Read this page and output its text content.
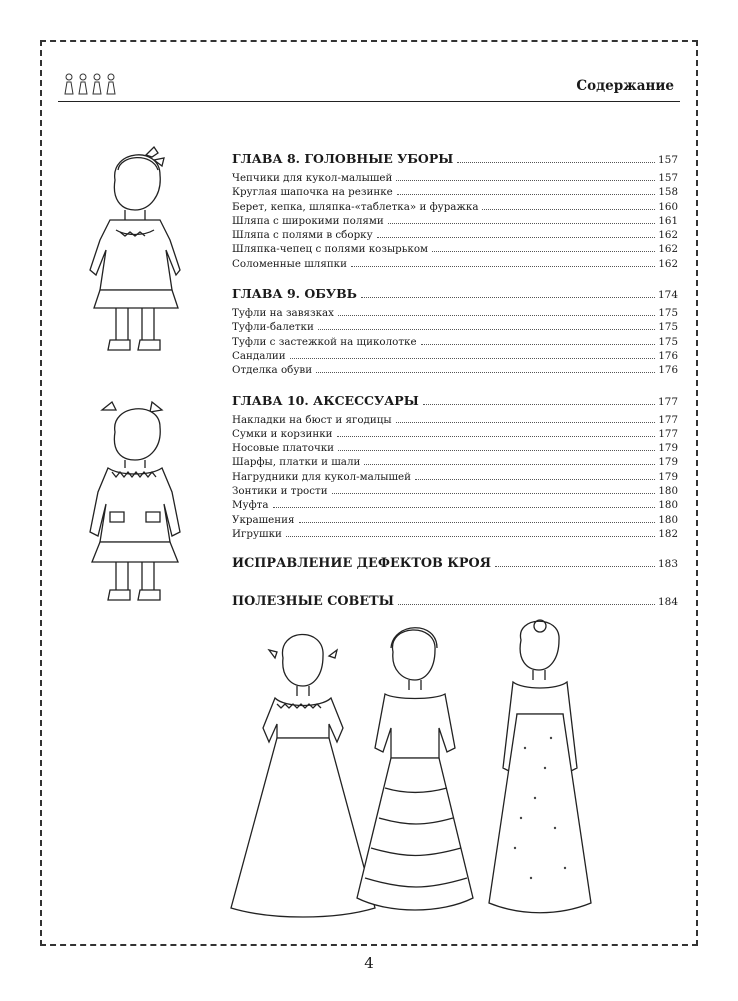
Содержание
ГЛАВА 8. ГОЛОВНЫЕ УБОРЫ	157
Чепчики для кукол-малышей	157
Круглая шапочка на резинке	158
Берет, кепка, шляпка-«таблетка» и фуражка	160
Шляпа с широкими полями	161
Шляпа с полями в сборку	162
Шляпка-чепец с полями козырьком	162
Соломенные шляпки	162
ГЛАВА 9. ОБУВЬ	174
Туфли на завязках	175
Туфли-балетки	175
Туфли с застежкой на щиколотке	175
Сандалии	176
Отделка обуви	176
ГЛАВА 10. АКСЕССУАРЫ	177
Накладки на бюст и ягодицы	177
Сумки и корзинки	177
Носовые платочки	179
Шарфы, платки и шали	179
Нагрудники для кукол-малышей	179
Зонтики и трости	180
Муфта	180
Украшения	180
Игрушки	182
ИСПРАВЛЕНИЕ ДЕФЕКТОВ КРОЯ	183
ПОЛЕЗНЫЕ СОВЕТЫ	184
4
